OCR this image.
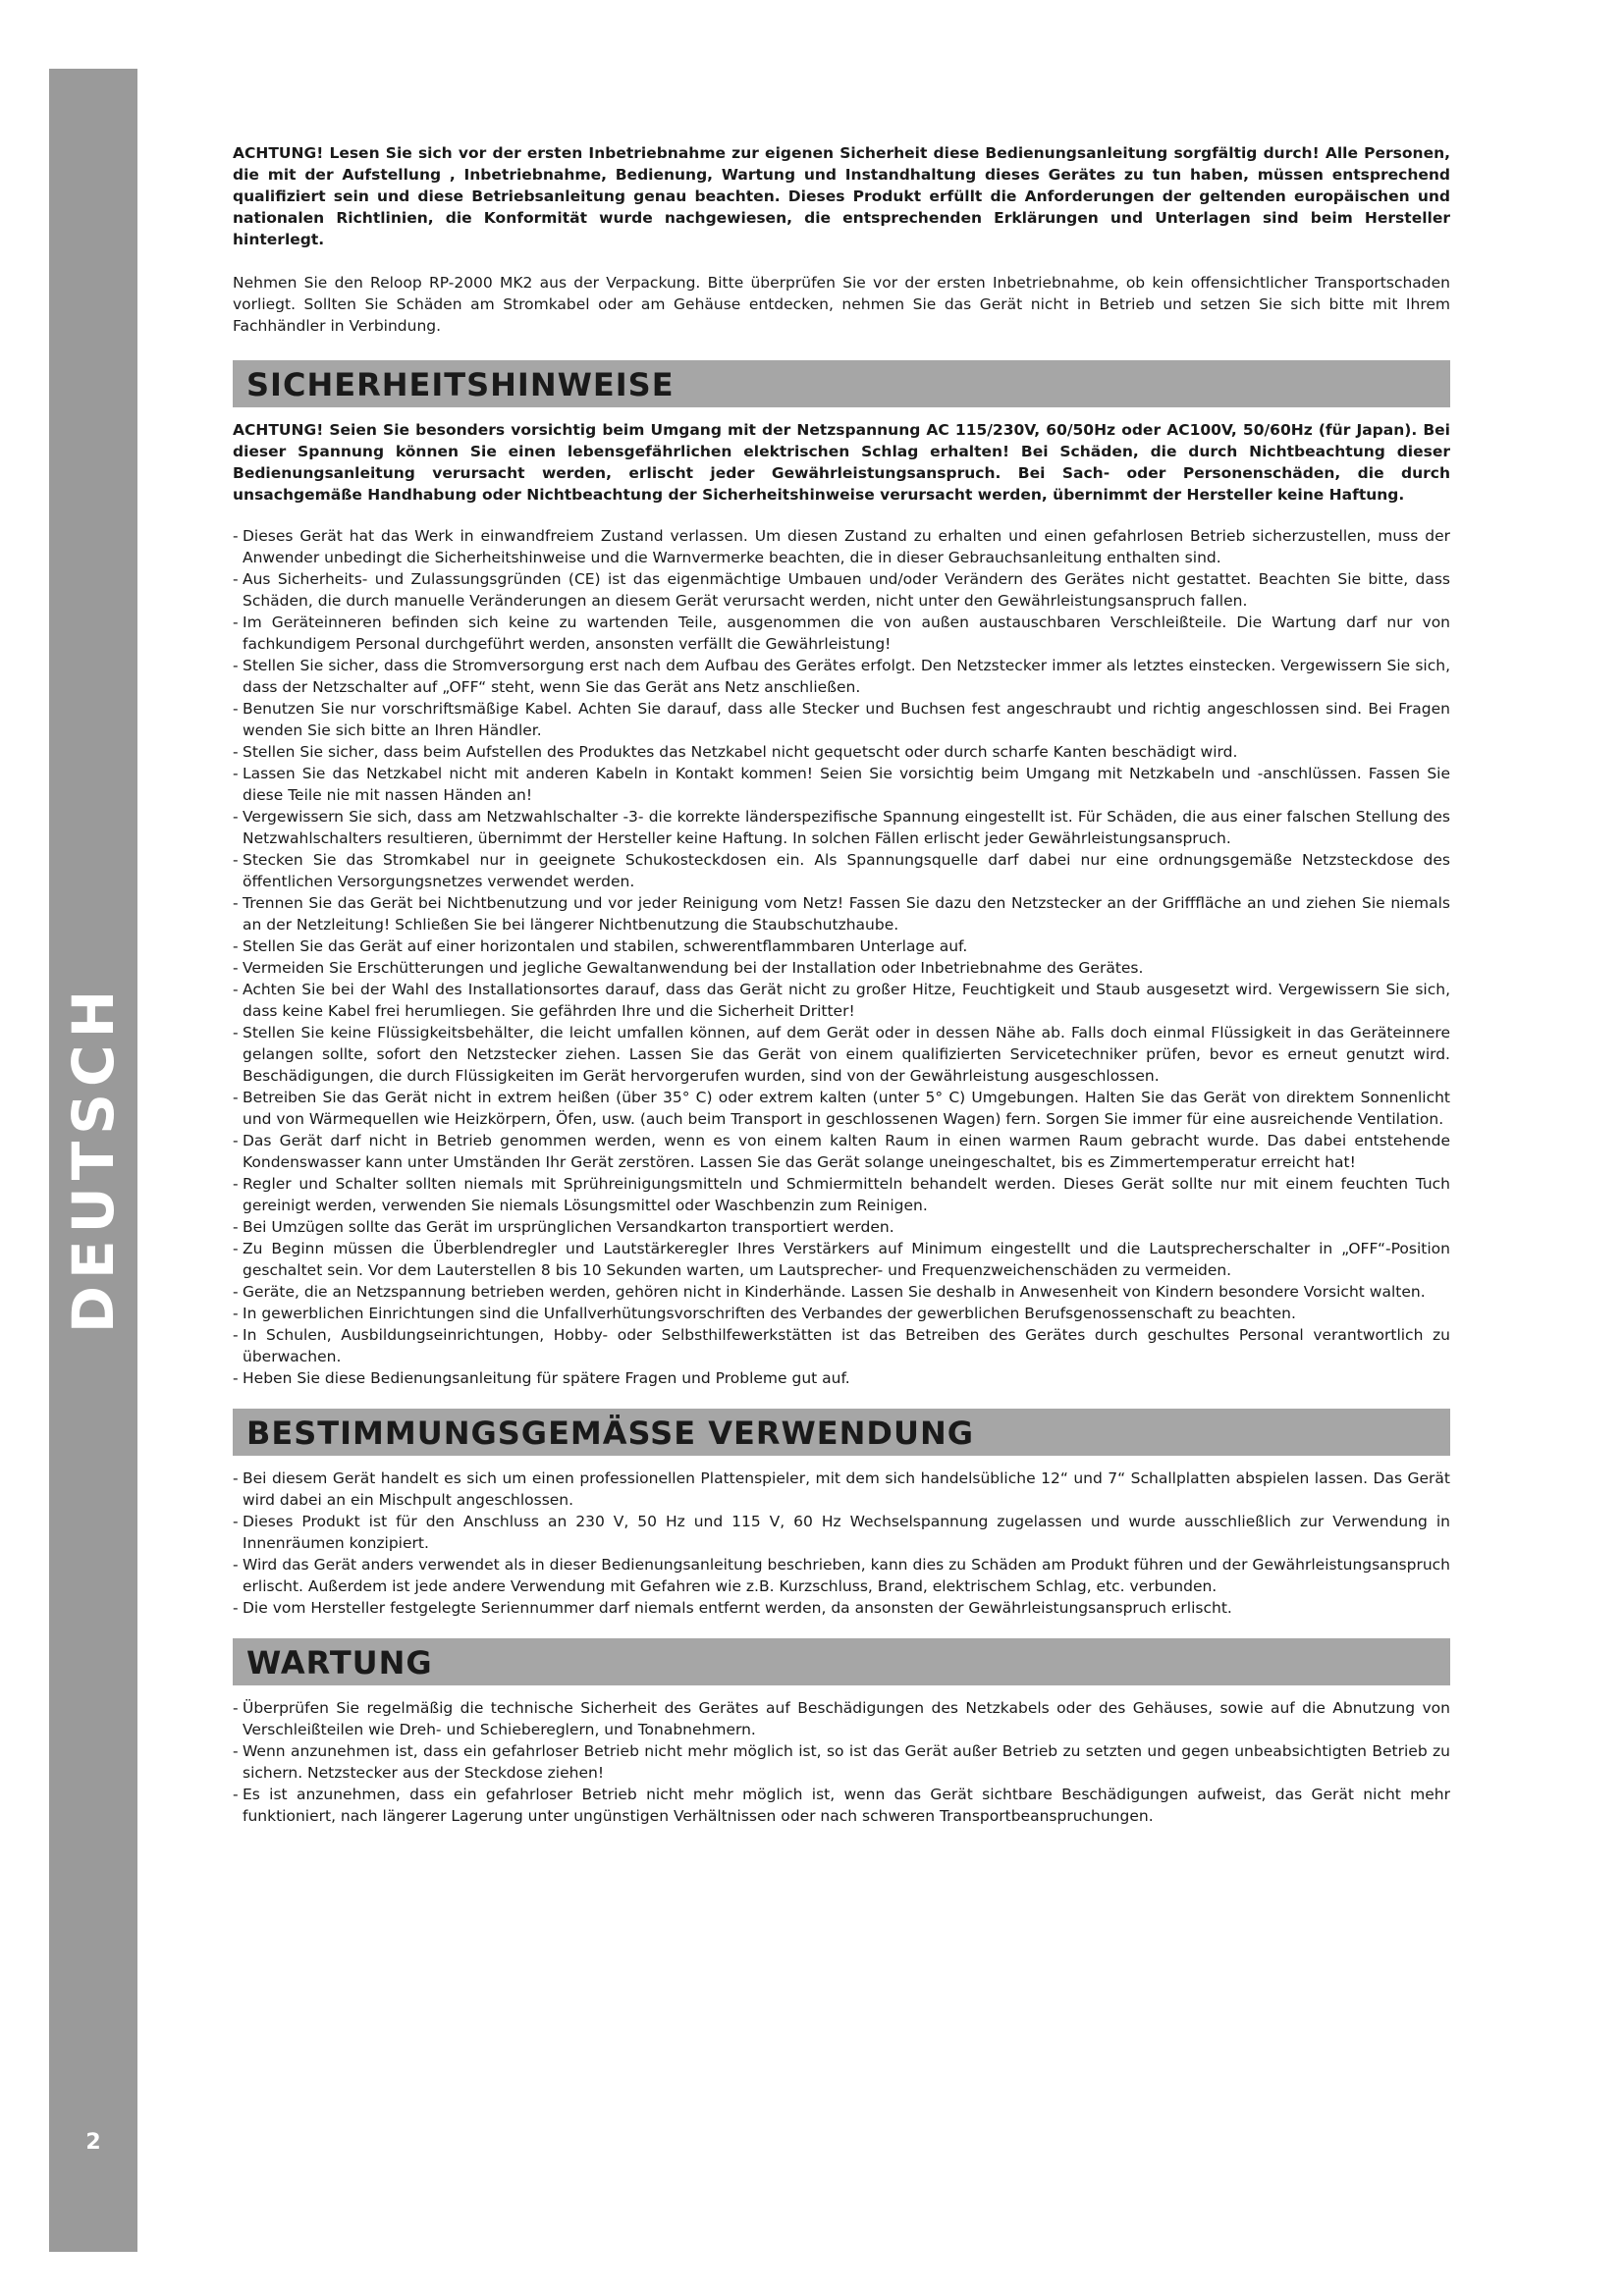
DEUTSCH
2

ACHTUNG! Lesen Sie sich vor der ersten Inbetriebnahme zur eigenen Sicherheit diese Bedienungsanleitung sorgfältig durch! Alle Personen, die mit der Aufstellung , Inbetriebnahme, Bedienung, Wartung und Instandhaltung dieses Gerätes zu tun haben, müssen entsprechend qualifiziert sein und diese Betriebsanleitung genau beachten. Dieses Produkt erfüllt die Anforderungen der geltenden europäischen und nationalen Richtlinien, die Konformität wurde nachgewiesen, die entsprechenden Erklärungen und Unterlagen sind beim Hersteller hinterlegt.

Nehmen Sie den Reloop RP-2000 MK2 aus der Verpackung. Bitte überprüfen Sie vor der ersten Inbetriebnahme, ob kein offensichtlicher Transportschaden vorliegt. Sollten Sie Schäden am Stromkabel oder am Gehäuse entdecken, nehmen Sie das Gerät nicht in Betrieb und setzen Sie sich bitte mit Ihrem Fachhändler in Verbindung.

SICHERHEITSHINWEISE

ACHTUNG! Seien Sie besonders vorsichtig beim Umgang mit der Netzspannung AC 115/230V, 60/50Hz oder AC100V, 50/60Hz (für Japan). Bei dieser Spannung können Sie einen lebensgefährlichen elektrischen Schlag erhalten! Bei Schäden, die durch Nichtbeachtung dieser Bedienungsanleitung verursacht werden, erlischt jeder Gewährleistungsanspruch. Bei Sach- oder Personenschäden, die durch unsachgemäße Handhabung oder Nichtbeachtung der Sicherheitshinweise verursacht werden, übernimmt der Hersteller keine Haftung.

- Dieses Gerät hat das Werk in einwandfreiem Zustand verlassen. Um diesen Zustand zu erhalten und einen gefahrlosen Betrieb sicherzustellen, muss der Anwender unbedingt die Sicherheitshinweise und die Warnvermerke beachten, die in dieser Gebrauchsanleitung enthalten sind.
- Aus Sicherheits- und Zulassungsgründen (CE) ist das eigenmächtige Umbauen und/oder Verändern des Gerätes nicht gestattet. Beachten Sie bitte, dass Schäden, die durch manuelle Veränderungen an diesem Gerät verursacht werden, nicht unter den Gewährleistungsanspruch fallen.
- Im Geräteinneren befinden sich keine zu wartenden Teile, ausgenommen die von außen austauschbaren Verschleißteile. Die Wartung darf nur von fachkundigem Personal durchgeführt werden, ansonsten verfällt die Gewährleistung!
- Stellen Sie sicher, dass die Stromversorgung erst nach dem Aufbau des Gerätes erfolgt. Den Netzstecker immer als letztes einstecken. Vergewissern Sie sich, dass der Netzschalter auf „OFF“ steht, wenn Sie das Gerät ans Netz anschließen.
- Benutzen Sie nur vorschriftsmäßige Kabel. Achten Sie darauf, dass alle Stecker und Buchsen fest angeschraubt und richtig angeschlossen sind. Bei Fragen wenden Sie sich bitte an Ihren Händler.
- Stellen Sie sicher, dass beim Aufstellen des Produktes das Netzkabel nicht gequetscht oder durch scharfe Kanten beschädigt wird.
- Lassen Sie das Netzkabel nicht mit anderen Kabeln in Kontakt kommen! Seien Sie vorsichtig beim Umgang mit Netzkabeln und -anschlüssen. Fassen Sie diese Teile nie mit nassen Händen an!
- Vergewissern Sie sich, dass am Netzwahlschalter -3- die korrekte länderspezifische Spannung eingestellt ist. Für Schäden, die aus einer falschen Stellung des Netzwahlschalters resultieren, übernimmt der Hersteller keine Haftung. In solchen Fällen erlischt jeder Gewährleistungsanspruch.
- Stecken Sie das Stromkabel nur in geeignete Schukosteckdosen ein. Als Spannungsquelle darf dabei nur eine ordnungsgemäße Netzsteckdose des öffentlichen Versorgungsnetzes verwendet werden.
- Trennen Sie das Gerät bei Nichtbenutzung und vor jeder Reinigung vom Netz! Fassen Sie dazu den Netzstecker an der Grifffläche an und ziehen Sie niemals an der Netzleitung! Schließen Sie bei längerer Nichtbenutzung die Staubschutzhaube.
- Stellen Sie das Gerät auf einer horizontalen und stabilen, schwerentflammbaren Unterlage auf.
- Vermeiden Sie Erschütterungen und jegliche Gewaltanwendung bei der Installation oder Inbetriebnahme des Gerätes.
- Achten Sie bei der Wahl des Installationsortes darauf, dass das Gerät nicht zu großer Hitze, Feuchtigkeit und Staub ausgesetzt wird. Vergewissern Sie sich, dass keine Kabel frei herumliegen. Sie gefährden Ihre und die Sicherheit Dritter!
- Stellen Sie keine Flüssigkeitsbehälter, die leicht umfallen können, auf dem Gerät oder in dessen Nähe ab. Falls doch einmal Flüssigkeit in das Geräteinnere gelangen sollte, sofort den Netzstecker ziehen. Lassen Sie das Gerät von einem qualifizierten Servicetechniker prüfen, bevor es erneut genutzt wird. Beschädigungen, die durch Flüssigkeiten im Gerät hervorgerufen wurden, sind von der Gewährleistung ausgeschlossen.
- Betreiben Sie das Gerät nicht in extrem heißen (über 35° C) oder extrem kalten (unter 5° C) Umgebungen. Halten Sie das Gerät von direktem Sonnenlicht und von Wärmequellen wie Heizkörpern, Öfen, usw. (auch beim Transport in geschlossenen Wagen) fern. Sorgen Sie immer für eine ausreichende Ventilation.
- Das Gerät darf nicht in Betrieb genommen werden, wenn es von einem kalten Raum in einen warmen Raum gebracht wurde. Das dabei entstehende Kondenswasser kann unter Umständen Ihr Gerät zerstören. Lassen Sie das Gerät solange uneingeschaltet, bis es Zimmertemperatur erreicht hat!
- Regler und Schalter sollten niemals mit Sprühreinigungsmitteln und Schmiermitteln behandelt werden. Dieses Gerät sollte nur mit einem feuchten Tuch gereinigt werden, verwenden Sie niemals Lösungsmittel oder Waschbenzin zum Reinigen.
- Bei Umzügen sollte das Gerät im ursprünglichen Versandkarton transportiert werden.
- Zu Beginn müssen die Überblendregler und Lautstärkeregler Ihres Verstärkers auf Minimum eingestellt und die Lautsprecherschalter in „OFF“-Position geschaltet sein. Vor dem Lauterstellen 8 bis 10 Sekunden warten, um Lautsprecher- und Frequenzweichenschäden zu vermeiden.
- Geräte, die an Netzspannung betrieben werden, gehören nicht in Kinderhände. Lassen Sie deshalb in Anwesenheit von Kindern besondere Vorsicht walten.
- In gewerblichen Einrichtungen sind die Unfallverhütungsvorschriften des Verbandes der gewerblichen Berufsgenossenschaft zu beachten.
- In Schulen, Ausbildungseinrichtungen, Hobby- oder Selbsthilfewerkstätten ist das Betreiben des Gerätes durch geschultes Personal verantwortlich zu überwachen.
- Heben Sie diese Bedienungsanleitung für spätere Fragen und Probleme gut auf.
BESTIMMUNGSGEMÄSSE VERWENDUNG
- Bei diesem Gerät handelt es sich um einen professionellen Plattenspieler, mit dem sich handelsübliche 12“ und 7“ Schallplatten abspielen lassen. Das Gerät wird dabei an ein Mischpult angeschlossen.
- Dieses Produkt ist für den Anschluss an 230 V, 50 Hz und 115 V, 60 Hz Wechselspannung zugelassen und wurde ausschließlich zur Verwendung in Innenräumen konzipiert.
- Wird das Gerät anders verwendet als in dieser Bedienungsanleitung beschrieben, kann dies zu Schäden am Produkt führen und der Gewährleistungsanspruch erlischt. Außerdem ist jede andere Verwendung mit Gefahren wie z.B. Kurzschluss, Brand, elektrischem Schlag, etc. verbunden.
- Die vom Hersteller festgelegte Seriennummer darf niemals entfernt werden, da ansonsten der Gewährleistungsanspruch erlischt.
WARTUNG
- Überprüfen Sie regelmäßig die technische Sicherheit des Gerätes auf Beschädigungen des Netzkabels oder des Gehäuses, sowie auf die Abnutzung von Verschleißteilen wie Dreh- und Schiebereglern, und Tonabnehmern.
- Wenn anzunehmen ist, dass ein gefahrloser Betrieb nicht mehr möglich ist, so ist das Gerät außer Betrieb zu setzten und gegen unbeabsichtigten Betrieb zu sichern. Netzstecker aus der Steckdose ziehen!
- Es ist anzunehmen, dass ein gefahrloser Betrieb nicht mehr möglich ist, wenn das Gerät sichtbare Beschädigungen aufweist, das Gerät nicht mehr funktioniert, nach längerer Lagerung unter ungünstigen Verhältnissen oder nach schweren Transportbeanspruchungen.
